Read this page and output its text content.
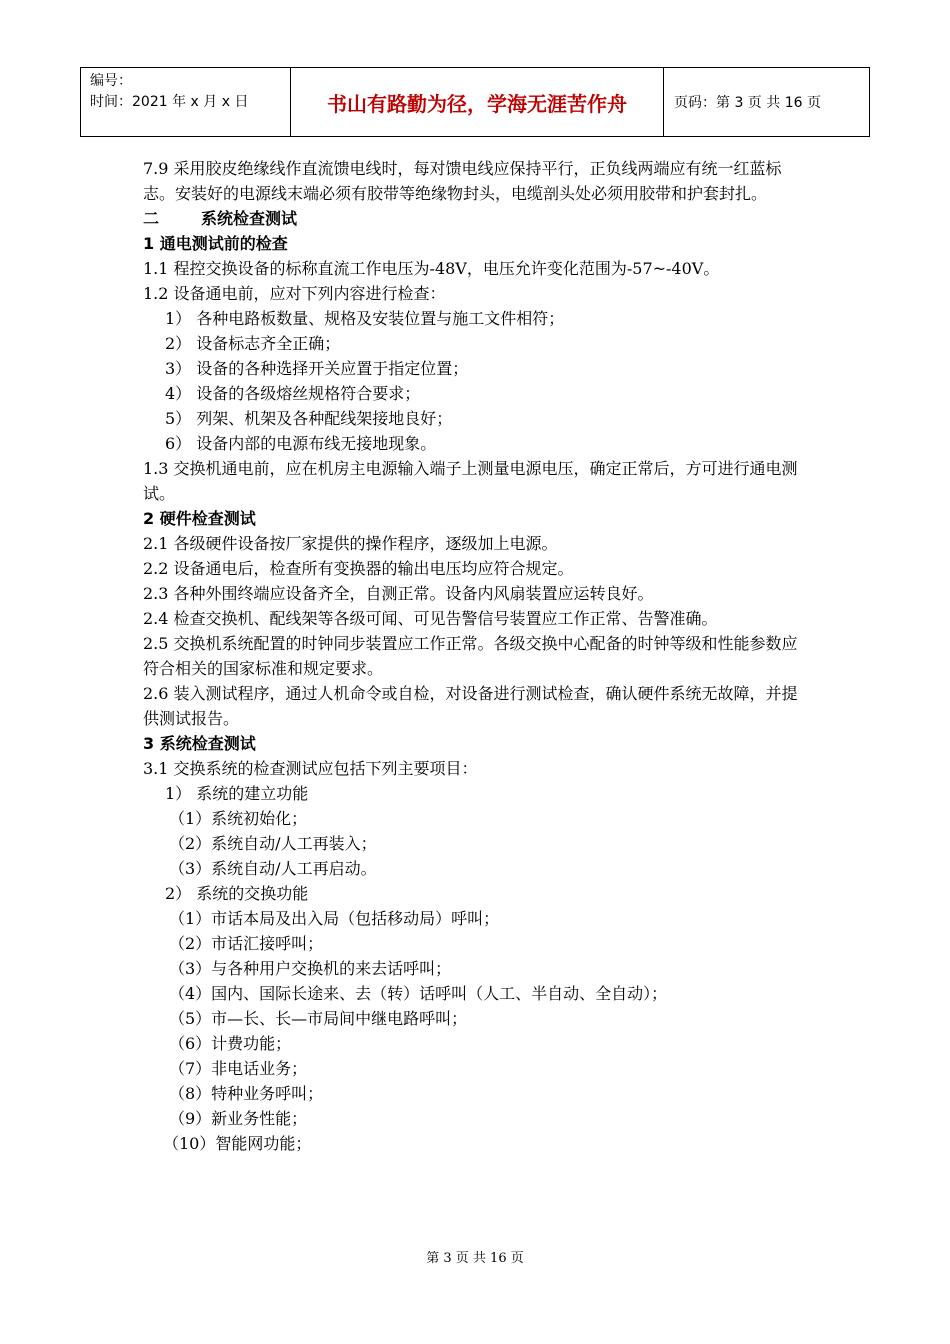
编号：
时间：2021 年 x 月 x 日	书山有路勤为径，学海无涯苦作舟	页码：第 3 页 共 16 页

7.9 采用胶皮绝缘线作直流馈电线时，每对馈电线应保持平行，正负线两端应有统一红蓝标志。安装好的电源线末端必须有胶带等绝缘物封头，电缆剖头处必须用胶带和护套封扎。

二	系统检查测试

1 通电测试前的检查

1.1 程控交换设备的标称直流工作电压为-48V，电压允许变化范围为-57~-40V。

1.2 设备通电前，应对下列内容进行检查：

1） 各种电路板数量、规格及安装位置与施工文件相符；

2） 设备标志齐全正确；

3） 设备的各种选择开关应置于指定位置；

4） 设备的各级熔丝规格符合要求；

5） 列架、机架及各种配线架接地良好；

6） 设备内部的电源布线无接地现象。

1.3 交换机通电前，应在机房主电源输入端子上测量电源电压，确定正常后，方可进行通电测试。

2 硬件检查测试

2.1 各级硬件设备按厂家提供的操作程序，逐级加上电源。

2.2 设备通电后，检查所有变换器的输出电压均应符合规定。

2.3 各种外围终端应设备齐全，自测正常。设备内风扇装置应运转良好。

2.4 检查交换机、配线架等各级可闻、可见告警信号装置应工作正常、告警准确。

2.5 交换机系统配置的时钟同步装置应工作正常。各级交换中心配备的时钟等级和性能参数应符合相关的国家标准和规定要求。

2.6 装入测试程序，通过人机命令或自检，对设备进行测试检查，确认硬件系统无故障，并提供测试报告。

3 系统检查测试

3.1 交换系统的检查测试应包括下列主要项目：

1） 系统的建立功能

（1）系统初始化；

（2）系统自动/人工再装入；

（3）系统自动/人工再启动。

2） 系统的交换功能

（1）市话本局及出入局（包括移动局）呼叫；

（2）市话汇接呼叫；

（3）与各种用户交换机的来去话呼叫；

（4）国内、国际长途来、去（转）话呼叫（人工、半自动、全自动）；

（5）市—长、长—市局间中继电路呼叫；

（6）计费功能；

（7）非电话业务；

（8）特种业务呼叫；

（9）新业务性能；

（10）智能网功能；

第 3 页 共 16 页
